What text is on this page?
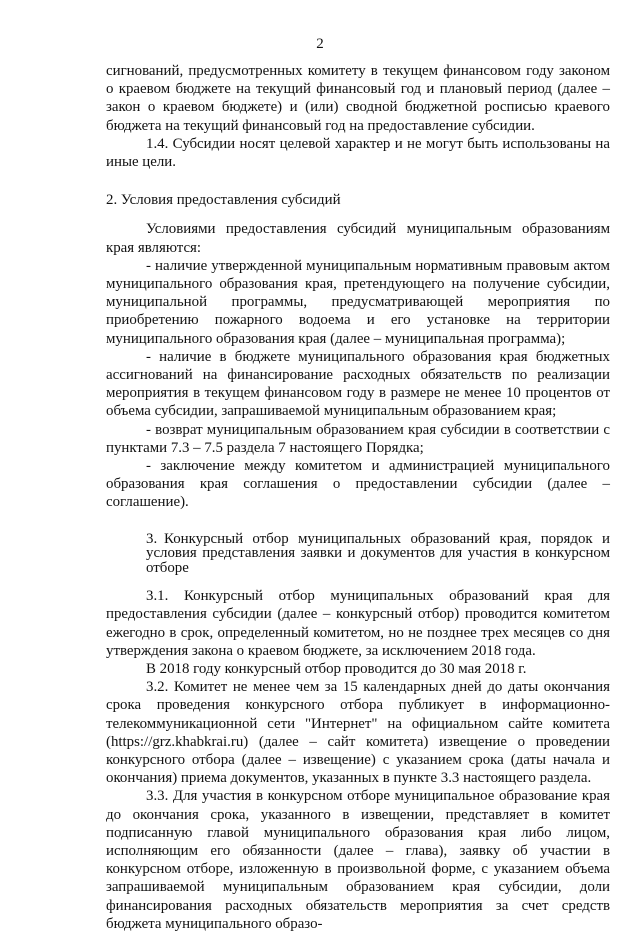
2

сигнований, предусмотренных комитету в текущем финансовом году законом о краевом бюджете на текущий финансовый год и плановый период (далее – закон о краевом бюджете) и (или) сводной бюджетной росписью краевого бюджета на текущий финансовый год на предоставление субсидии.

1.4. Субсидии носят целевой характер и не могут быть использованы на иные цели.

2. Условия предоставления субсидий

Условиями предоставления субсидий муниципальным образованиям края являются:

- наличие утвержденной муниципальным нормативным правовым актом муниципального образования края, претендующего на получение субсидии, муниципальной программы, предусматривающей мероприятия по приобретению пожарного водоема и его установке на территории муниципального образования края (далее – муниципальная программа);

- наличие в бюджете муниципального образования края бюджетных ассигнований на финансирование расходных обязательств по реализации мероприятия в текущем финансовом году в размере не менее 10 процентов от объема субсидии, запрашиваемой муниципальным образованием края;

- возврат муниципальным образованием края субсидии в соответствии с пунктами 7.3 – 7.5 раздела 7 настоящего Порядка;

- заключение между комитетом и администрацией муниципального образования края соглашения о предоставлении субсидии (далее – соглашение).

3. Конкурсный отбор муниципальных образований края, порядок и условия представления заявки и документов для участия в конкурсном отборе

3.1. Конкурсный отбор муниципальных образований края для предоставления субсидии (далее – конкурсный отбор) проводится комитетом ежегодно в срок, определенный комитетом, но не позднее трех месяцев со дня утверждения закона о краевом бюджете, за исключением 2018 года.

В 2018 году конкурсный отбор проводится до 30 мая 2018 г.

3.2. Комитет не менее чем за 15 календарных дней до даты окончания срока проведения конкурсного отбора публикует в информационно-телекоммуникационной сети "Интернет" на официальном сайте комитета (https://grz.khabkrai.ru) (далее – сайт комитета) извещение о проведении конкурсного отбора (далее – извещение) с указанием срока (даты начала и окончания) приема документов, указанных в пункте 3.3 настоящего раздела.

3.3. Для участия в конкурсном отборе муниципальное образование края до окончания срока, указанного в извещении, представляет в комитет подписанную главой муниципального образования края либо лицом, исполняющим его обязанности (далее – глава), заявку об участии в конкурсном отборе, изложенную в произвольной форме, с указанием объема запрашиваемой муниципальным образованием края субсидии, доли финансирования расходных обязательств мероприятия за счет средств бюджета муниципального образо-
